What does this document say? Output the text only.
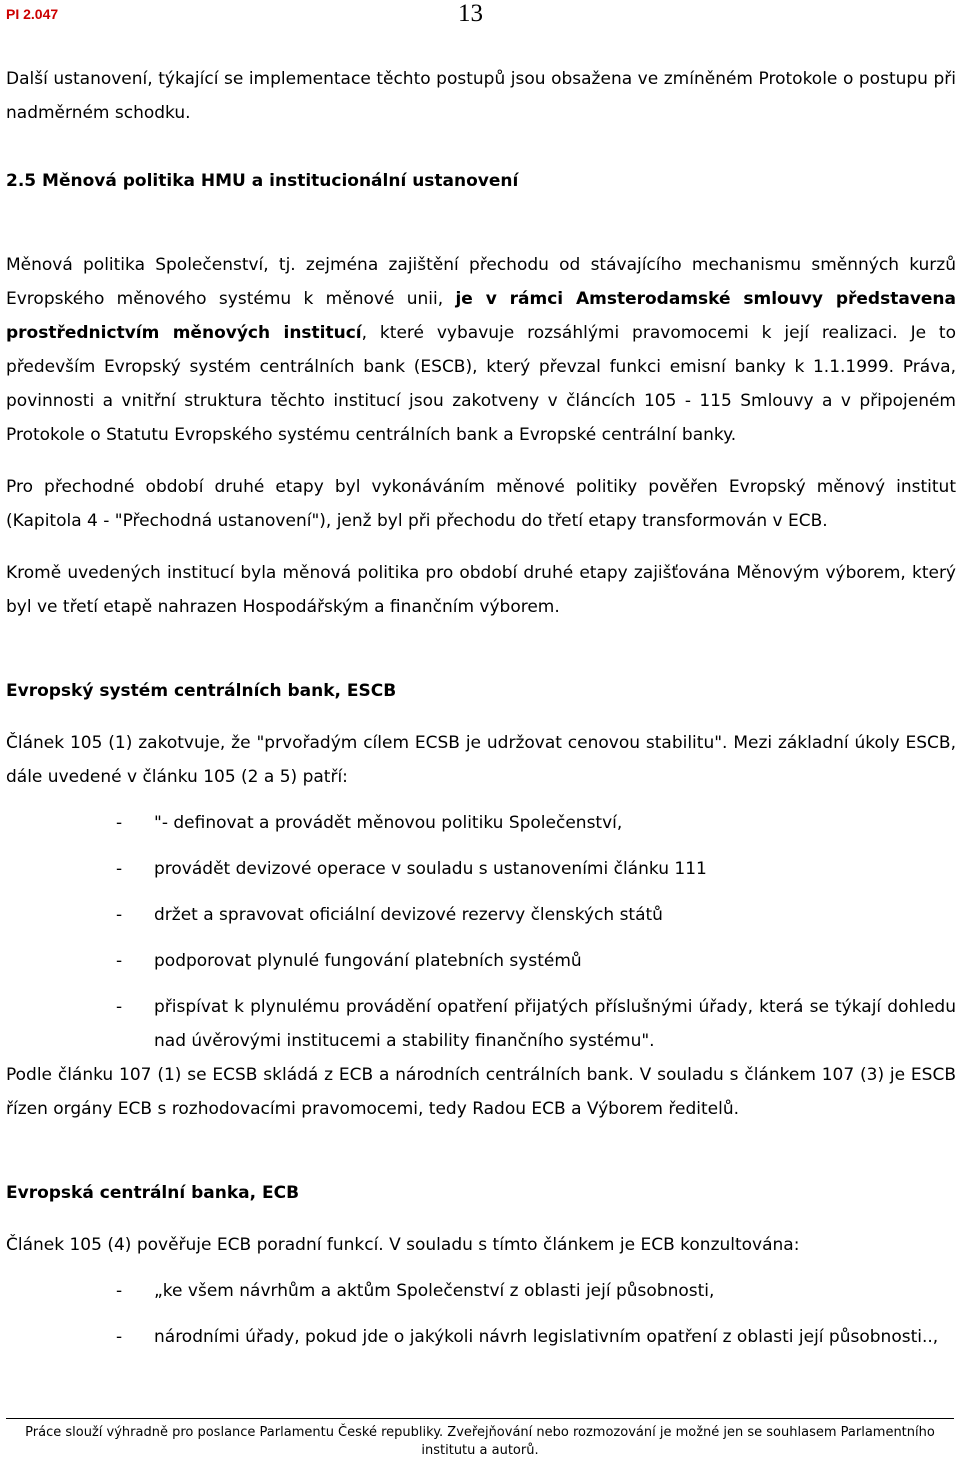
PI 2.047	13

Další ustanovení, týkající se implementace těchto postupů jsou obsažena ve zmíněném Protokole o postupu při nadměrném schodku.

2.5 Měnová politika HMU a institucionální ustanovení

Měnová politika Společenství, tj. zejména zajištění přechodu od stávajícího mechanismu směnných kurzů Evropského měnového systému k měnové unii, je v rámci Amsterodamské smlouvy představena prostřednictvím měnových institucí, které vybavuje rozsáhlými pravomocemi k její realizaci. Je to především Evropský systém centrálních bank (ESCB), který převzal funkci emisní banky k 1.1.1999. Práva, povinnosti a vnitřní struktura těchto institucí jsou zakotveny v článcích 105 - 115 Smlouvy a v připojeném Protokole o Statutu Evropského systému centrálních bank a Evropské centrální banky.

Pro přechodné období druhé etapy byl vykonáváním měnové politiky pověřen Evropský měnový institut (Kapitola 4 - "Přechodná ustanovení"), jenž byl při přechodu do třetí etapy transformován v ECB.

Kromě uvedených institucí byla měnová politika pro období druhé etapy zajišťována Měnovým výborem, který byl ve třetí etapě nahrazen Hospodářským a finančním výborem.

Evropský systém centrálních bank, ESCB

Článek 105 (1) zakotvuje, že "prvořadým cílem ECSB je udržovat cenovou stabilitu". Mezi základní úkoly ESCB, dále uvedené v článku 105 (2 a 5) patří:

- "- definovat a provádět měnovou politiku Společenství,
- provádět devizové operace v souladu s ustanoveními článku 111
- držet a spravovat oficiální devizové rezervy členských států
- podporovat plynulé fungování platebních systémů
- přispívat k plynulému provádění opatření přijatých příslušnými úřady, která se týkají dohledu nad úvěrovými institucemi a stability finančního systému".

Podle článku 107 (1) se ECSB skládá z ECB a národních centrálních bank. V souladu s článkem 107 (3) je ESCB řízen orgány ECB s rozhodovacími pravomocemi, tedy Radou ECB a Výborem ředitelů.

Evropská centrální banka, ECB

Článek 105 (4) pověřuje ECB poradní funkcí. V souladu s tímto článkem je ECB konzultována:

- „ke všem návrhům a aktům Společenství z oblasti její působnosti,
- národními úřady, pokud jde o jakýkoli návrh legislativním opatření z oblasti její působnosti..,
Práce slouží výhradně pro poslance Parlamentu České republiky. Zveřejňování nebo rozmozování je možné jen se souhlasem Parlamentního institutu a autorů.
